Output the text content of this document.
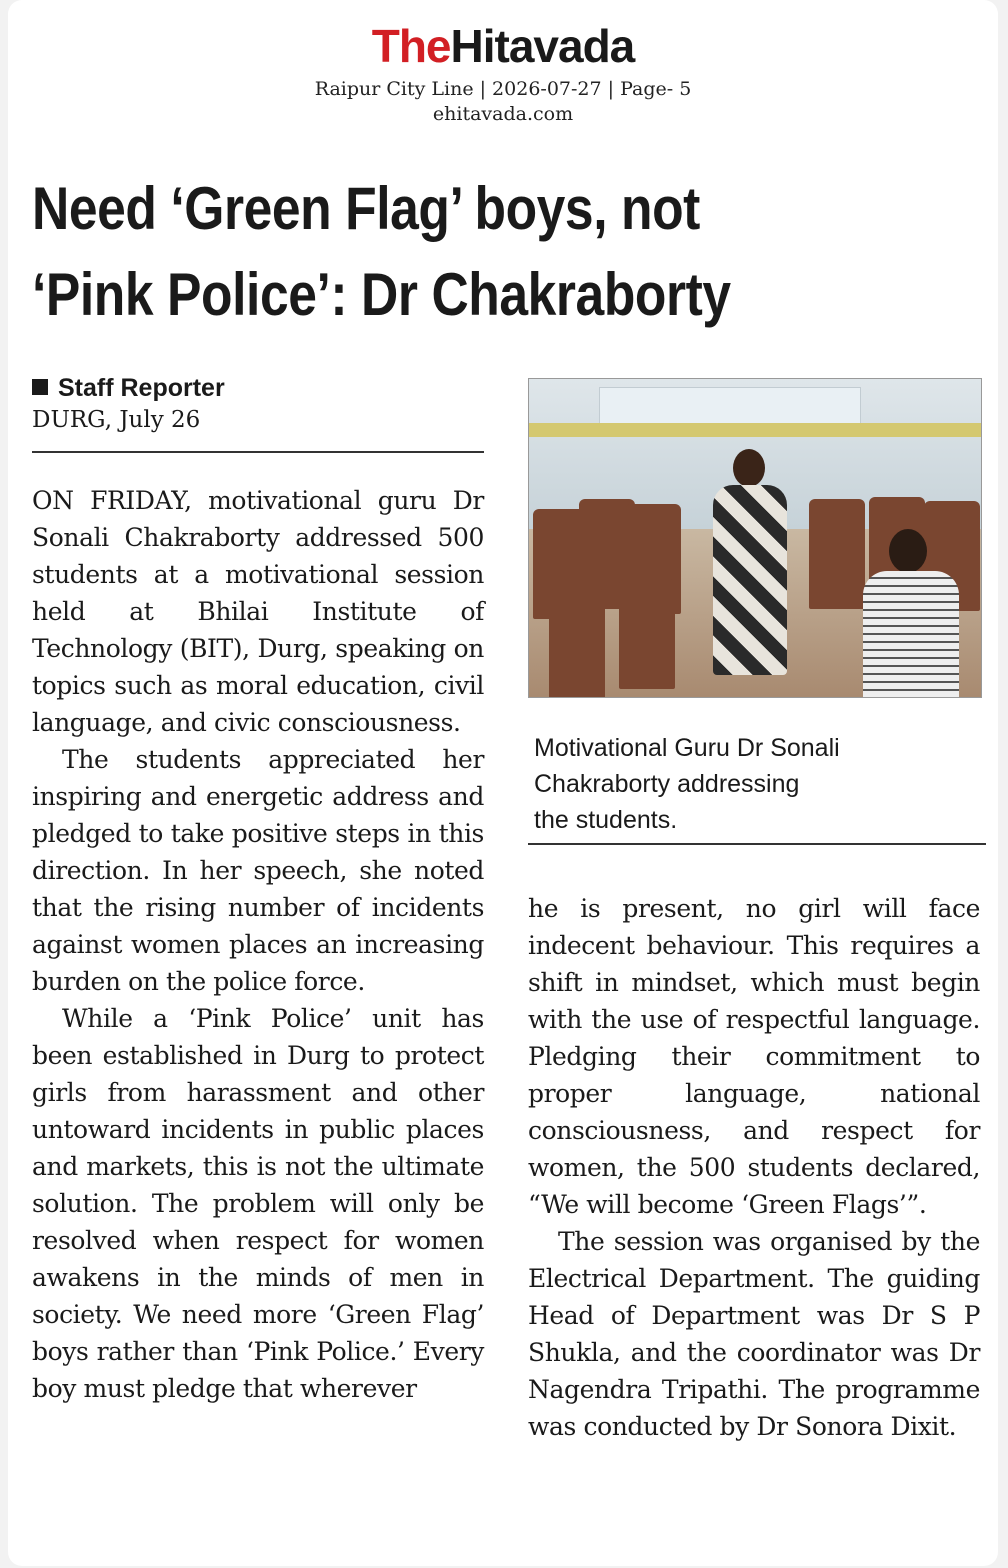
TheHitavada
Raipur City Line | 2026-07-27 | Page- 5
ehitavada.com
Need ‘Green Flag’ boys, not
‘Pink Police’: Dr Chakraborty
Staff Reporter
DURG, July 26

ON FRIDAY, motivational guru Dr Sonali Chakraborty addressed 500 students at a motivational session held at Bhilai Institute of Technology (BIT), Durg, speaking on topics such as moral education, civil language, and civic consciousness.

The students appreciated her inspiring and energetic address and pledged to take positive steps in this direction. In her speech, she noted that the rising number of incidents against women places an increasing burden on the police force.

While a ‘Pink Police’ unit has been established in Durg to protect girls from harassment and other untoward incidents in public places and markets, this is not the ultimate solution. The problem will only be resolved when respect for women awakens in the minds of men in society. We need more ‘Green Flag’ boys rather than ‘Pink Police.’ Every boy must pledge that wherever

Motivational Guru Dr Sonali
Chakraborty addressing
the students.

he is present, no girl will face indecent behaviour. This requires a shift in mindset, which must begin with the use of respectful language. Pledging their commitment to proper language, national consciousness, and respect for women, the 500 students declared, “We will become ‘Green Flags’”.

The session was organised by the Electrical Department. The guiding Head of Department was Dr S P Shukla, and the coordinator was Dr Nagendra Tripathi. The programme was conducted by Dr Sonora Dixit.
